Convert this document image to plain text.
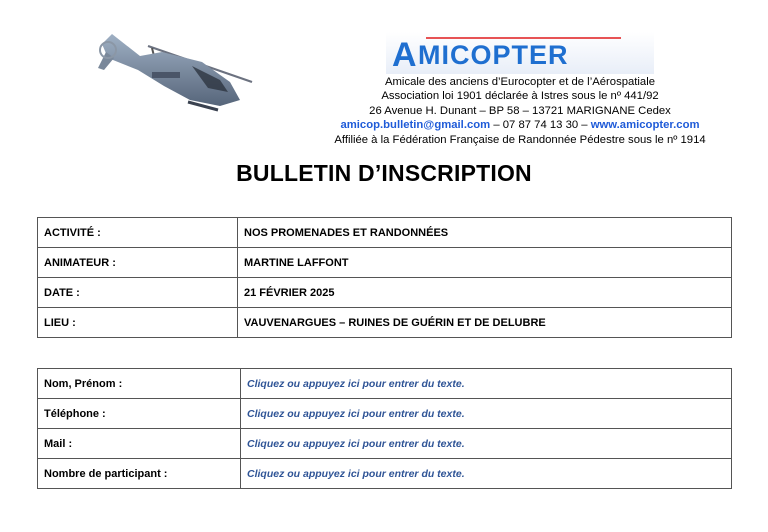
A MICOPTER
Amicale des anciens d’Eurocopter et de l’Aérospatiale
Association loi 1901 déclarée à Istres sous le nº 441/92
26 Avenue H. Dunant – BP 58 – 13721 MARIGNANE Cedex
amicop.bulletin@gmail.com – 07 87 74 13 30 – www.amicopter.com
Affiliée à la Fédération Française de Randonnée Pédestre sous le nº 1914
BULLETIN D’INSCRIPTION
ACTIVITÉ :	NOS PROMENADES ET RANDONNÉES
ANIMATEUR :	MARTINE LAFFONT
DATE :	21 FÉVRIER 2025
LIEU :	VAUVENARGUES – RUINES DE GUÉRIN ET DE DELUBRE
Nom, Prénom :	Cliquez ou appuyez ici pour entrer du texte.
Téléphone :	Cliquez ou appuyez ici pour entrer du texte.
Mail :	Cliquez ou appuyez ici pour entrer du texte.
Nombre de participant :	Cliquez ou appuyez ici pour entrer du texte.
